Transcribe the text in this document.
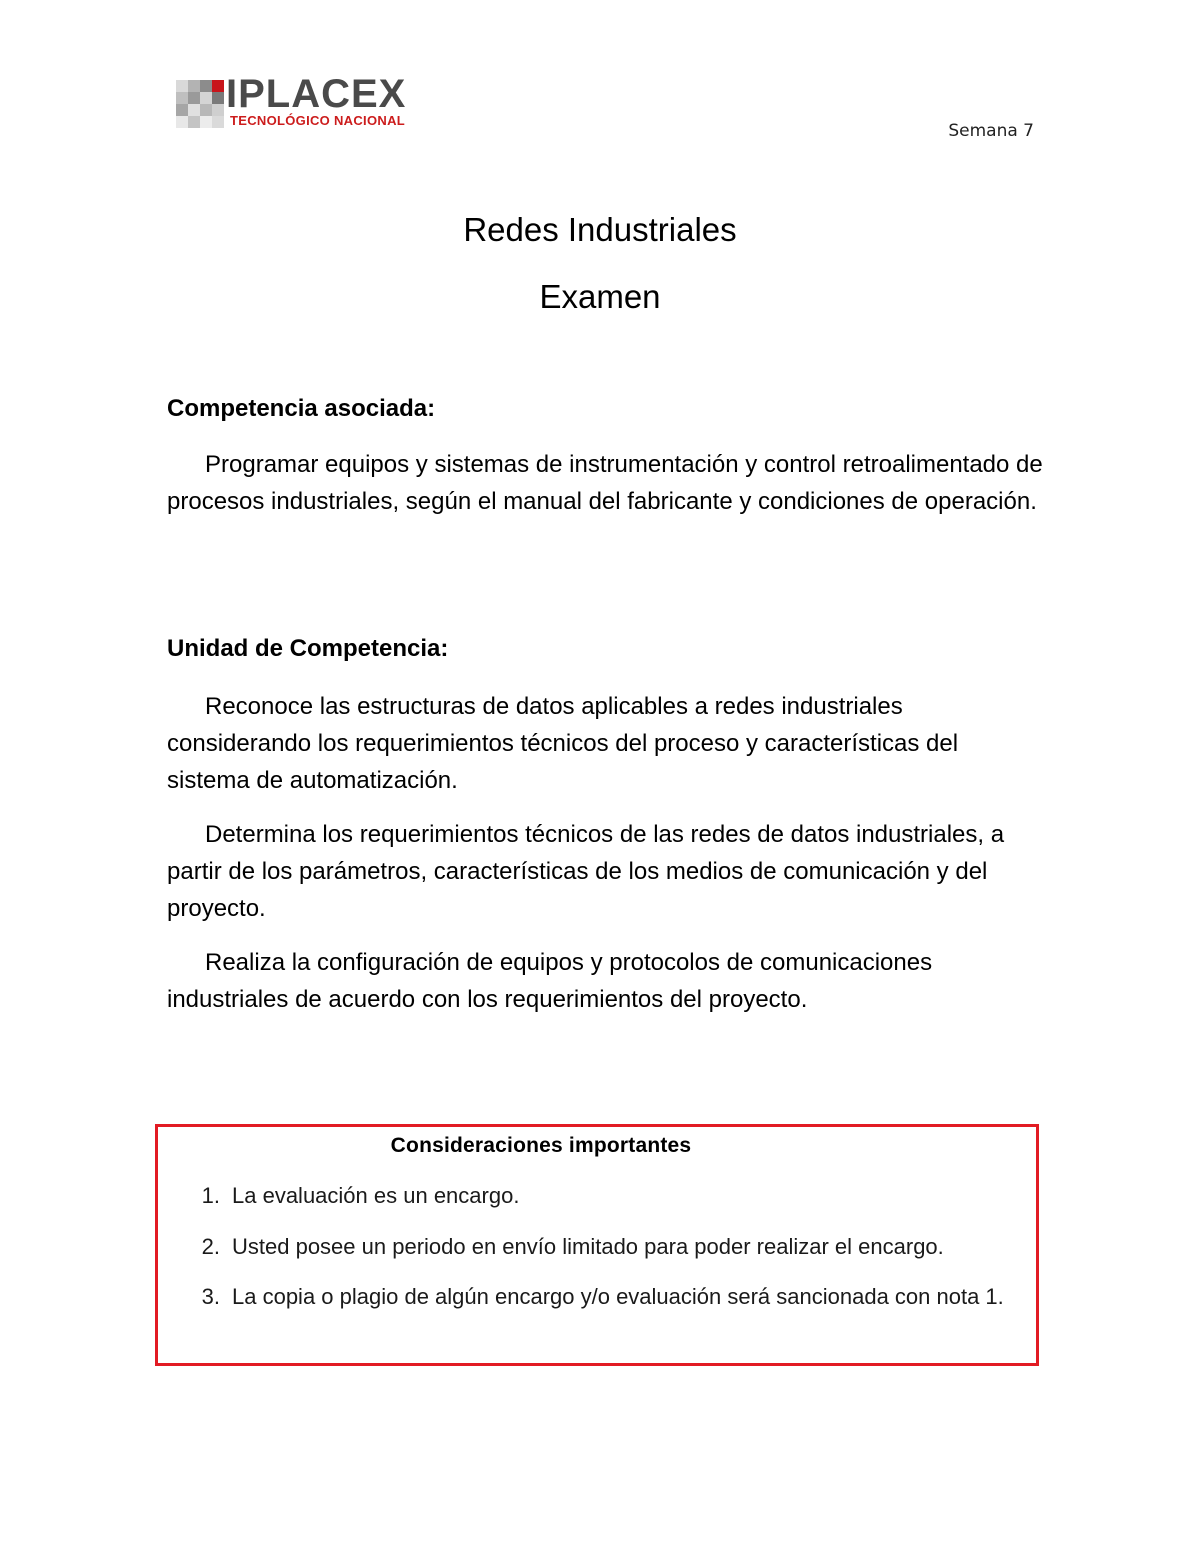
IPLACEX
TECNOLÓGICO NACIONAL
Semana 7
Redes Industriales
Examen
Competencia asociada:
Programar equipos y sistemas de instrumentación y control retroalimentado de procesos industriales, según el manual del fabricante y condiciones de operación.
Unidad de Competencia:
Reconoce las estructuras de datos aplicables a redes industriales considerando los requerimientos técnicos del proceso y características del sistema de automatización.
Determina los requerimientos técnicos de las redes de datos industriales, a partir de los parámetros, características de los medios de comunicación y del proyecto.
Realiza la configuración de equipos y protocolos de comunicaciones industriales de acuerdo con los requerimientos del proyecto.
Consideraciones importantes
1. La evaluación es un encargo.
2. Usted posee un periodo en envío limitado para poder realizar el encargo.
3. La copia o plagio de algún encargo y/o evaluación será sancionada con nota 1.
